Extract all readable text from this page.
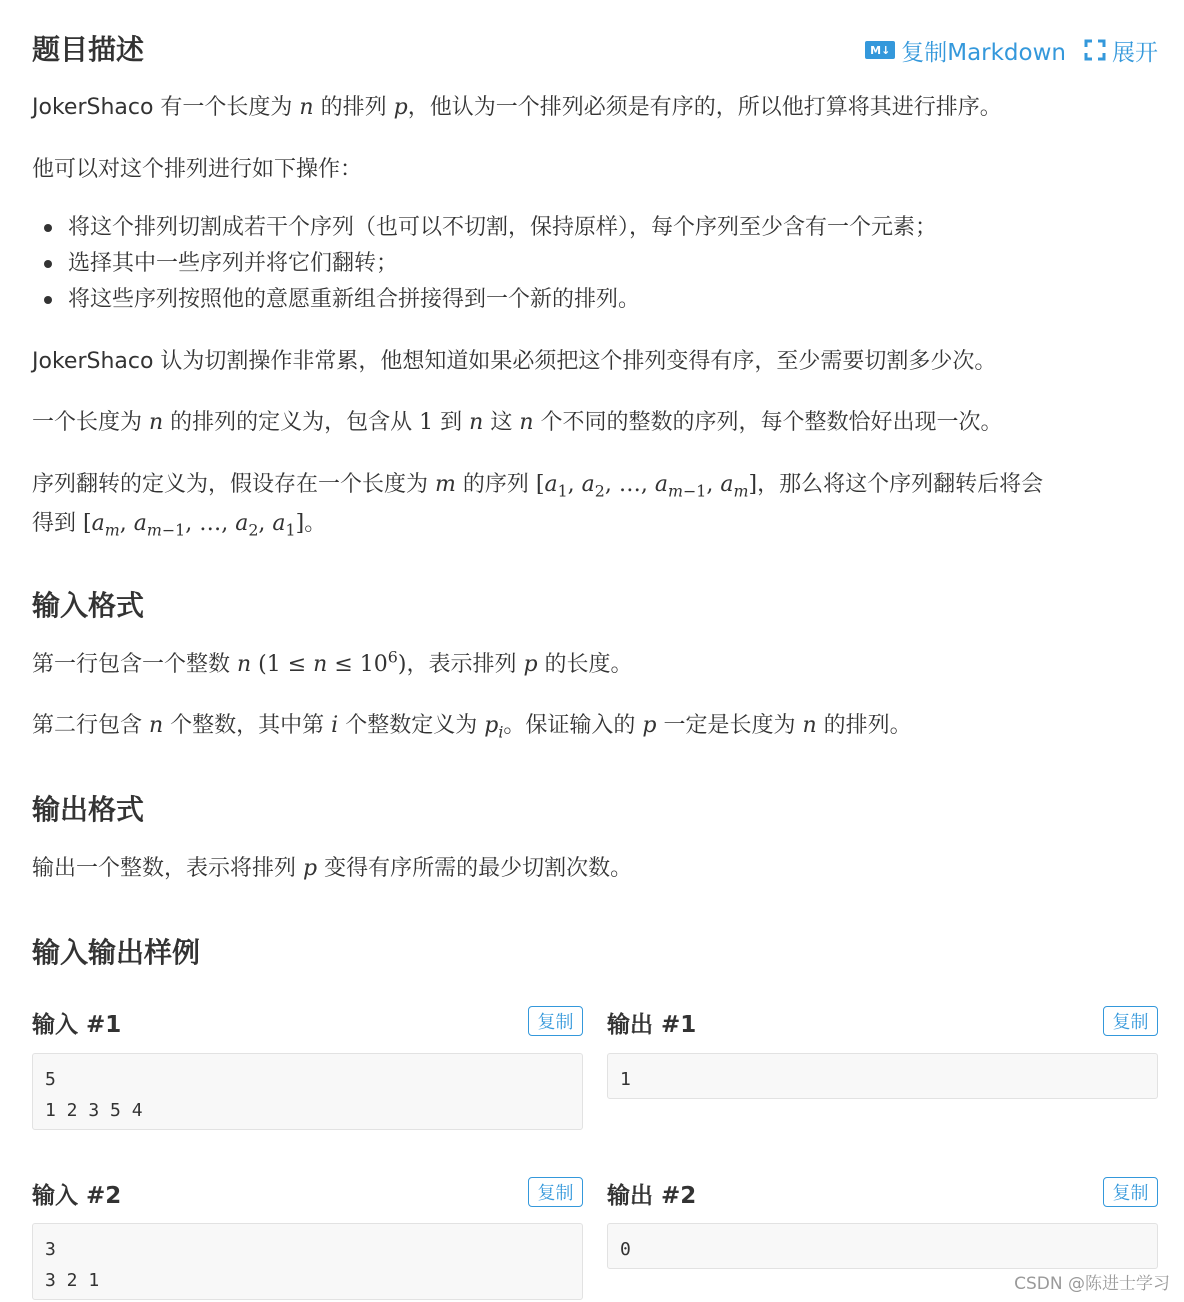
题目描述	M↓ 复制Markdown 展开
JokerShaco 有一个长度为 n 的排列 p，他认为一个排列必须是有序的，所以他打算将其进行排序。
他可以对这个排列进行如下操作：
将这个排列切割成若干个序列（也可以不切割，保持原样），每个序列至少含有一个元素；
选择其中一些序列并将它们翻转；
将这些序列按照他的意愿重新组合拼接得到一个新的排列。
JokerShaco 认为切割操作非常累，他想知道如果必须把这个排列变得有序，至少需要切割多少次。
一个长度为 n 的排列的定义为，包含从 1 到 n 这 n 个不同的整数的序列，每个整数恰好出现一次。
序列翻转的定义为，假设存在一个长度为 m 的序列 [$a_1$, $a_2$, …, $a_{m-1}$, $a_m$]，那么将这个序列翻转后将会
得到 [$a_m$, $a_{m-1}$, …, $a_2$, $a_1$]。
输入格式
第一行包含一个整数 n $(1 \le n \le 10^6)$，表示排列 p 的长度。
第二行包含 n 个整数，其中第 i 个整数定义为 $p_i$。保证输入的 p 一定是长度为 n 的排列。
输出格式
输出一个整数，表示将排列 p 变得有序所需的最少切割次数。
输入输出样例
输入 #1	复制
5
1 2 3 5 4
输出 #1	复制
1
输入 #2	复制
3
3 2 1
输出 #2	复制
0
CSDN @陈进士学习
